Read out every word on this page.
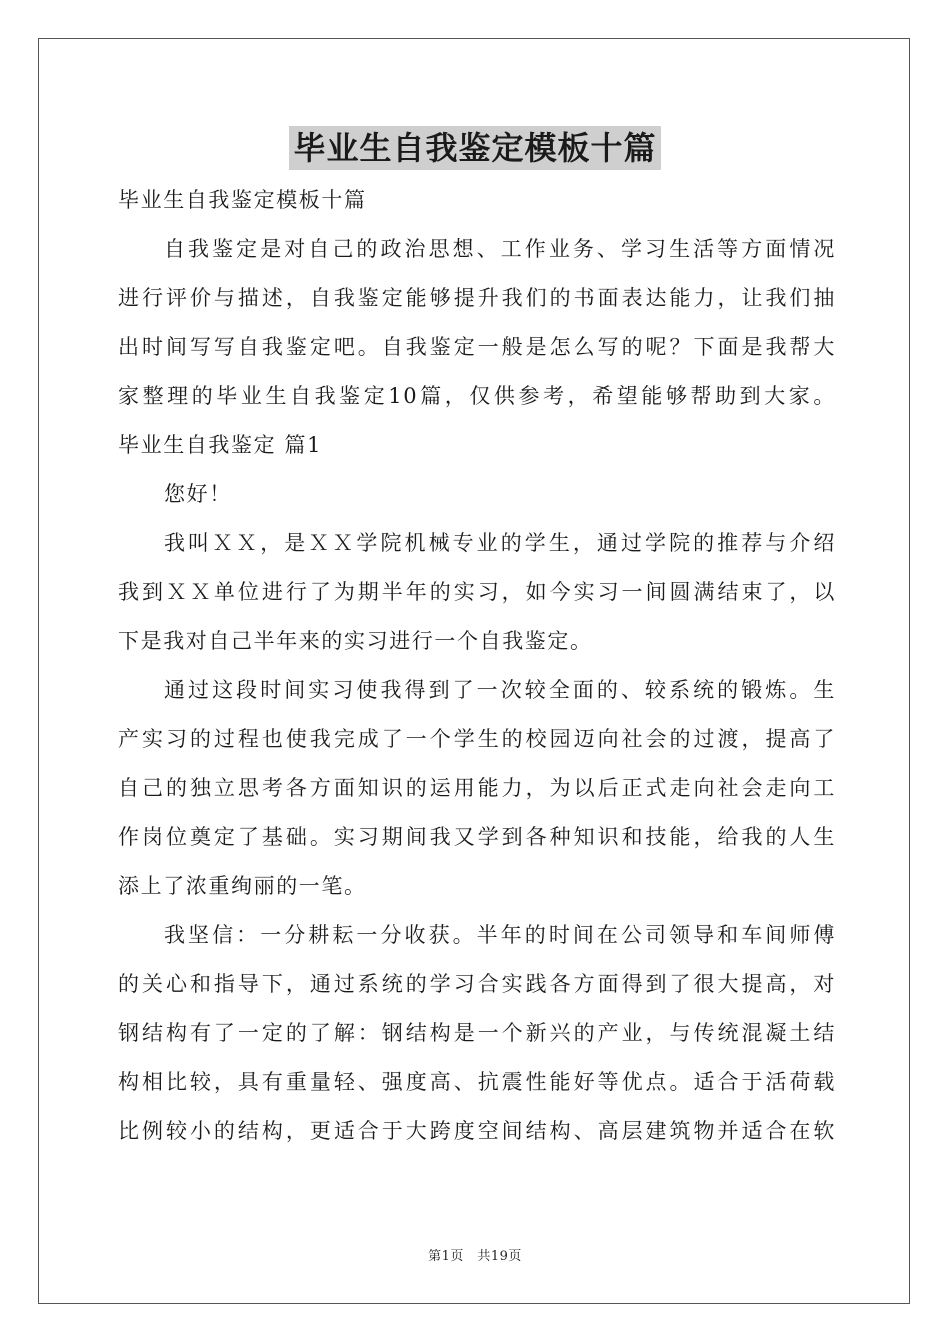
毕业生自我鉴定模板十篇
毕业生自我鉴定模板十篇
自我鉴定是对自己的政治思想、工作业务、学习生活等方面情况
进行评价与描述，自我鉴定能够提升我们的书面表达能力，让我们抽
出时间写写自我鉴定吧。自我鉴定一般是怎么写的呢？下面是我帮大
家整理的毕业生自我鉴定10篇，仅供参考，希望能够帮助到大家。
毕业生自我鉴定 篇1
您好！
我叫ＸＸ，是ＸＸ学院机械专业的学生，通过学院的推荐与介绍
我到ＸＸ单位进行了为期半年的实习，如今实习一间圆满结束了，以
下是我对自己半年来的实习进行一个自我鉴定。
通过这段时间实习使我得到了一次较全面的、较系统的锻炼。生
产实习的过程也使我完成了一个学生的校园迈向社会的过渡，提高了
自己的独立思考各方面知识的运用能力，为以后正式走向社会走向工
作岗位奠定了基础。实习期间我又学到各种知识和技能，给我的人生
添上了浓重绚丽的一笔。
我坚信：一分耕耘一分收获。半年的时间在公司领导和车间师傅
的关心和指导下，通过系统的学习合实践各方面得到了很大提高，对
钢结构有了一定的了解：钢结构是一个新兴的产业，与传统混凝土结
构相比较，具有重量轻、强度高、抗震性能好等优点。适合于活荷载
比例较小的结构，更适合于大跨度空间结构、高层建筑物并适合在软
第1页　共19页
